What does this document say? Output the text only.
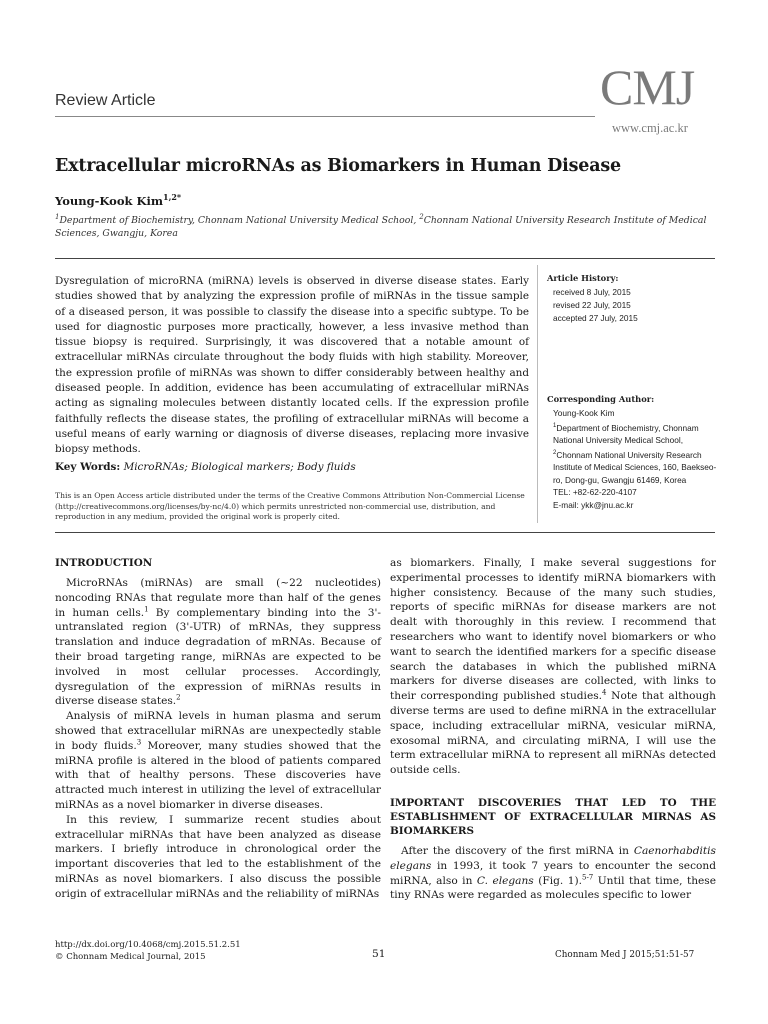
Review Article	CMJ
www.cmj.ac.kr
Extracellular microRNAs as Biomarkers in Human Disease
Young-Kook Kim$^{1,2*}$
$^1$Department of Biochemistry, Chonnam National University Medical School, $^2$Chonnam National University Research Institute of Medical Sciences, Gwangju, Korea
Dysregulation of microRNA (miRNA) levels is observed in diverse disease states. Early studies showed that by analyzing the expression profile of miRNAs in the tissue sample of a diseased person, it was possible to classify the disease into a specific subtype. To be used for diagnostic purposes more practically, however, a less invasive method than tissue biopsy is required. Surprisingly, it was discovered that a notable amount of extracellular miRNAs circulate throughout the body fluids with high stability. Moreover, the expression profile of miRNAs was shown to differ considerably between healthy and diseased people. In addition, evidence has been accumulating of extracellular miRNAs acting as signaling molecules between distantly located cells. If the expression profile faithfully reflects the disease states, the profiling of extracellular miRNAs will become a useful means of early warning or diagnosis of diverse diseases, replacing more invasive biopsy methods.
Key Words: MicroRNAs; Biological markers; Body fluids
This is an Open Access article distributed under the terms of the Creative Commons Attribution Non-Commercial License (http://creativecommons.org/licenses/by-nc/4.0) which permits unrestricted non-commercial use, distribution, and reproduction in any medium, provided the original work is properly cited.
Article History:
received 8 July, 2015
revised 22 July, 2015
accepted 27 July, 2015
Corresponding Author:
Young-Kook Kim
$^1$Department of Biochemistry, Chonnam National University Medical School,
$^2$Chonnam National University Research Institute of Medical Sciences, 160, Baekseo-ro, Dong-gu, Gwangju 61469, Korea
TEL: +82-62-220-4107
E-mail: ykk@jnu.ac.kr
INTRODUCTION

MicroRNAs (miRNAs) are small (~22 nucleotides) noncoding RNAs that regulate more than half of the genes in human cells.$^1$ By complementary binding into the 3'-untranslated region (3'-UTR) of mRNAs, they suppress translation and induce degradation of mRNAs. Because of their broad targeting range, miRNAs are expected to be involved in most cellular processes. Accordingly, dysregulation of the expression of miRNAs results in diverse disease states.$^2$

Analysis of miRNA levels in human plasma and serum showed that extracellular miRNAs are unexpectedly stable in body fluids.$^3$ Moreover, many studies showed that the miRNA profile is altered in the blood of patients compared with that of healthy persons. These discoveries have attracted much interest in utilizing the level of extracellular miRNAs as a novel biomarker in diverse diseases.

In this review, I summarize recent studies about extracellular miRNAs that have been analyzed as disease markers. I briefly introduce in chronological order the important discoveries that led to the establishment of the miRNAs as novel biomarkers. I also discuss the possible origin of extracellular miRNAs and the reliability of miRNAs

as biomarkers. Finally, I make several suggestions for experimental processes to identify miRNA biomarkers with higher consistency. Because of the many such studies, reports of specific miRNAs for disease markers are not dealt with thoroughly in this review. I recommend that researchers who want to identify novel biomarkers or who want to search the identified markers for a specific disease search the databases in which the published miRNA markers for diverse diseases are collected, with links to their corresponding published studies.$^4$ Note that although diverse terms are used to define miRNA in the extracellular space, including extracellular miRNA, vesicular miRNA, exosomal miRNA, and circulating miRNA, I will use the term extracellular miRNA to represent all miRNAs detected outside cells.

IMPORTANT DISCOVERIES THAT LED TO THE ESTABLISHMENT OF EXTRACELLULAR MIRNAS AS BIOMARKERS

After the discovery of the first miRNA in Caenorhabditis elegans in 1993, it took 7 years to encounter the second miRNA, also in C. elegans (Fig. 1).$^{5-7}$ Until that time, these tiny RNAs were regarded as molecules specific to lower

http://dx.doi.org/10.4068/cmj.2015.51.2.51
© Chonnam Medical Journal, 2015	51	Chonnam Med J 2015;51:51-57
